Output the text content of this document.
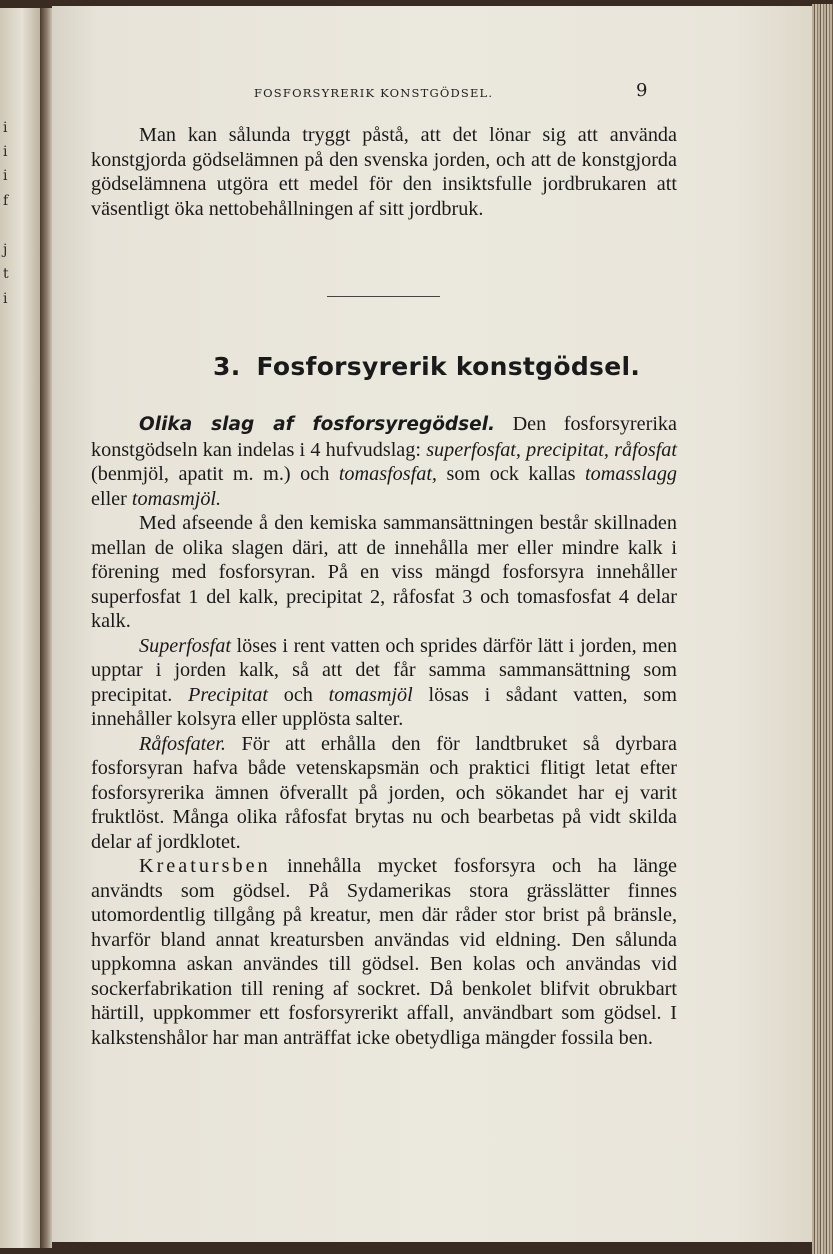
i
i
i
f
j
t
i
FOSFORSYRERIK KONSTGÖDSEL.	9

Man kan sålunda tryggt påstå, att det lönar sig att använda konstgjorda gödselämnen på den svenska jorden, och att de konstgjorda gödselämnena utgöra ett medel för den insiktsfulle jordbrukaren att väsentligt öka nettobehållningen af sitt jordbruk.

3. Fosforsyrerik konstgödsel.

Olika slag af fosforsyregödsel. Den fosforsyrerika konstgödseln kan indelas i 4 hufvudslag: superfosfat, precipitat, råfosfat (benmjöl, apatit m. m.) och tomasfosfat, som ock kallas tomasslagg eller tomasmjöl.

Med afseende å den kemiska sammansättningen består skillnaden mellan de olika slagen däri, att de innehålla mer eller mindre kalk i förening med fosforsyran. På en viss mängd fosforsyra innehåller superfosfat 1 del kalk, precipitat 2, råfosfat 3 och tomasfosfat 4 delar kalk.

Superfosfat löses i rent vatten och sprides därför lätt i jorden, men upptar i jorden kalk, så att det får samma sammansättning som precipitat. Precipitat och tomasmjöl lösas i sådant vatten, som innehåller kolsyra eller upplösta salter.

Råfosfater. För att erhålla den för landtbruket så dyrbara fosforsyran hafva både vetenskapsmän och praktici flitigt letat efter fosforsyrerika ämnen öfverallt på jorden, och sökandet har ej varit fruktlöst. Många olika råfosfat brytas nu och bearbetas på vidt skilda delar af jordklotet.

Kreatursben innehålla mycket fosforsyra och ha länge användts som gödsel. På Sydamerikas stora grässlätter finnes utomordentlig tillgång på kreatur, men där råder stor brist på bränsle, hvarför bland annat kreatursben användas vid eldning. Den sålunda uppkomna askan användes till gödsel. Ben kolas och användas vid sockerfabrikation till rening af sockret. Då benkolet blifvit obrukbart härtill, uppkommer ett fosforsyrerikt affall, användbart som gödsel. I kalkstenshålor har man anträffat icke obetydliga mängder fossila ben.
